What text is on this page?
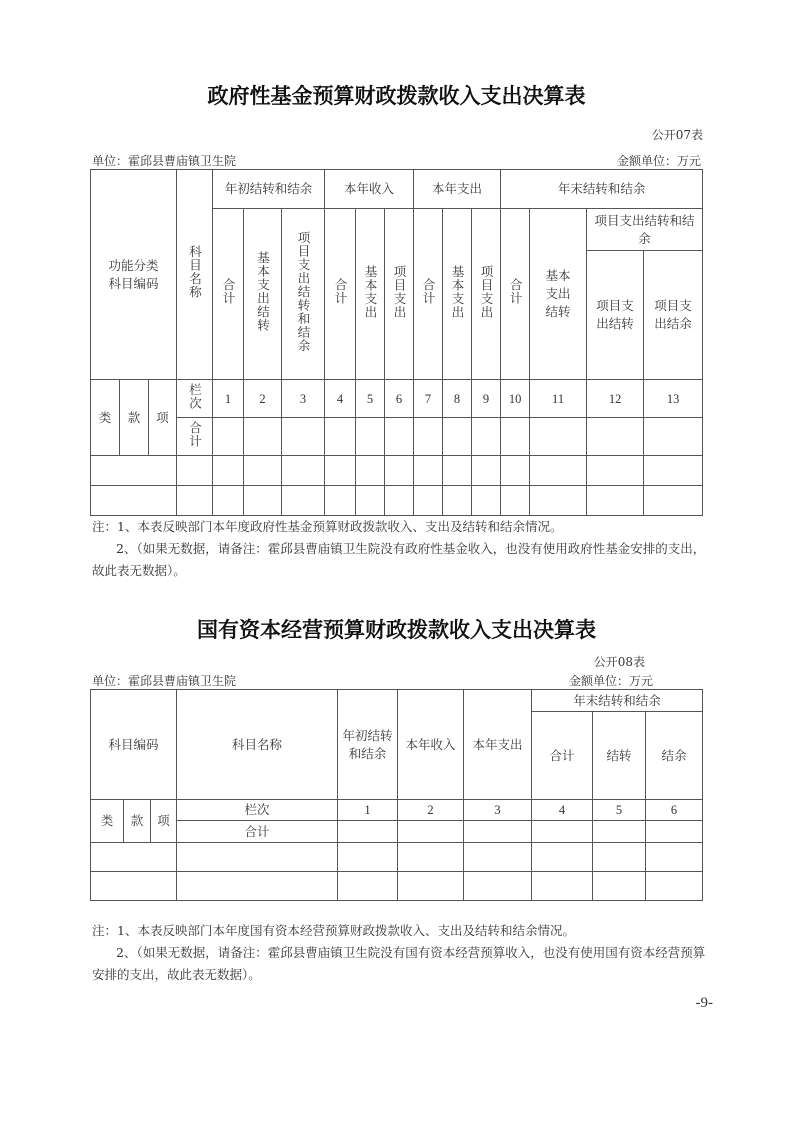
政府性基金预算财政拨款收入支出决算表
公开07表
单位：霍邱县曹庙镇卫生院	金额单位：万元
功能分类科目编码			科目名称	年初结转和结余			本年收入			本年支出			年末结转和结余			
				合计	基本支出结转	项目支出结转和结余	合计	基本支出	项目支出	合计	基本支出	项目支出	合计	基本支出结转	项目支出结转和结余	
															项目支出结转	项目支出结余
类	款	项	栏次	1	2	3	4	5	6	7	8	9	10	11	12	13
			合计													

注：1、本表反映部门本年度政府性基金预算财政拨款收入、支出及结转和结余情况。

2、（如果无数据，请备注：霍邱县曹庙镇卫生院没有政府性基金收入，也没有使用政府性基金安排的支出，故此表无数据）。

国有资本经营预算财政拨款收入支出决算表
公开08表
单位：霍邱县曹庙镇卫生院	金额单位：万元
科目编码			科目名称	年初结转和结余	本年收入	本年支出	年末结转和结余		
							合计	结转	结余
类	款	项	栏次	1	2	3	4	5	6
			合计						

注：1、本表反映部门本年度国有资本经营预算财政拨款收入、支出及结转和结余情况。

2、（如果无数据，请备注：霍邱县曹庙镇卫生院没有国有资本经营预算收入，也没有使用国有资本经营预算安排的支出，故此表无数据）。

-9-
